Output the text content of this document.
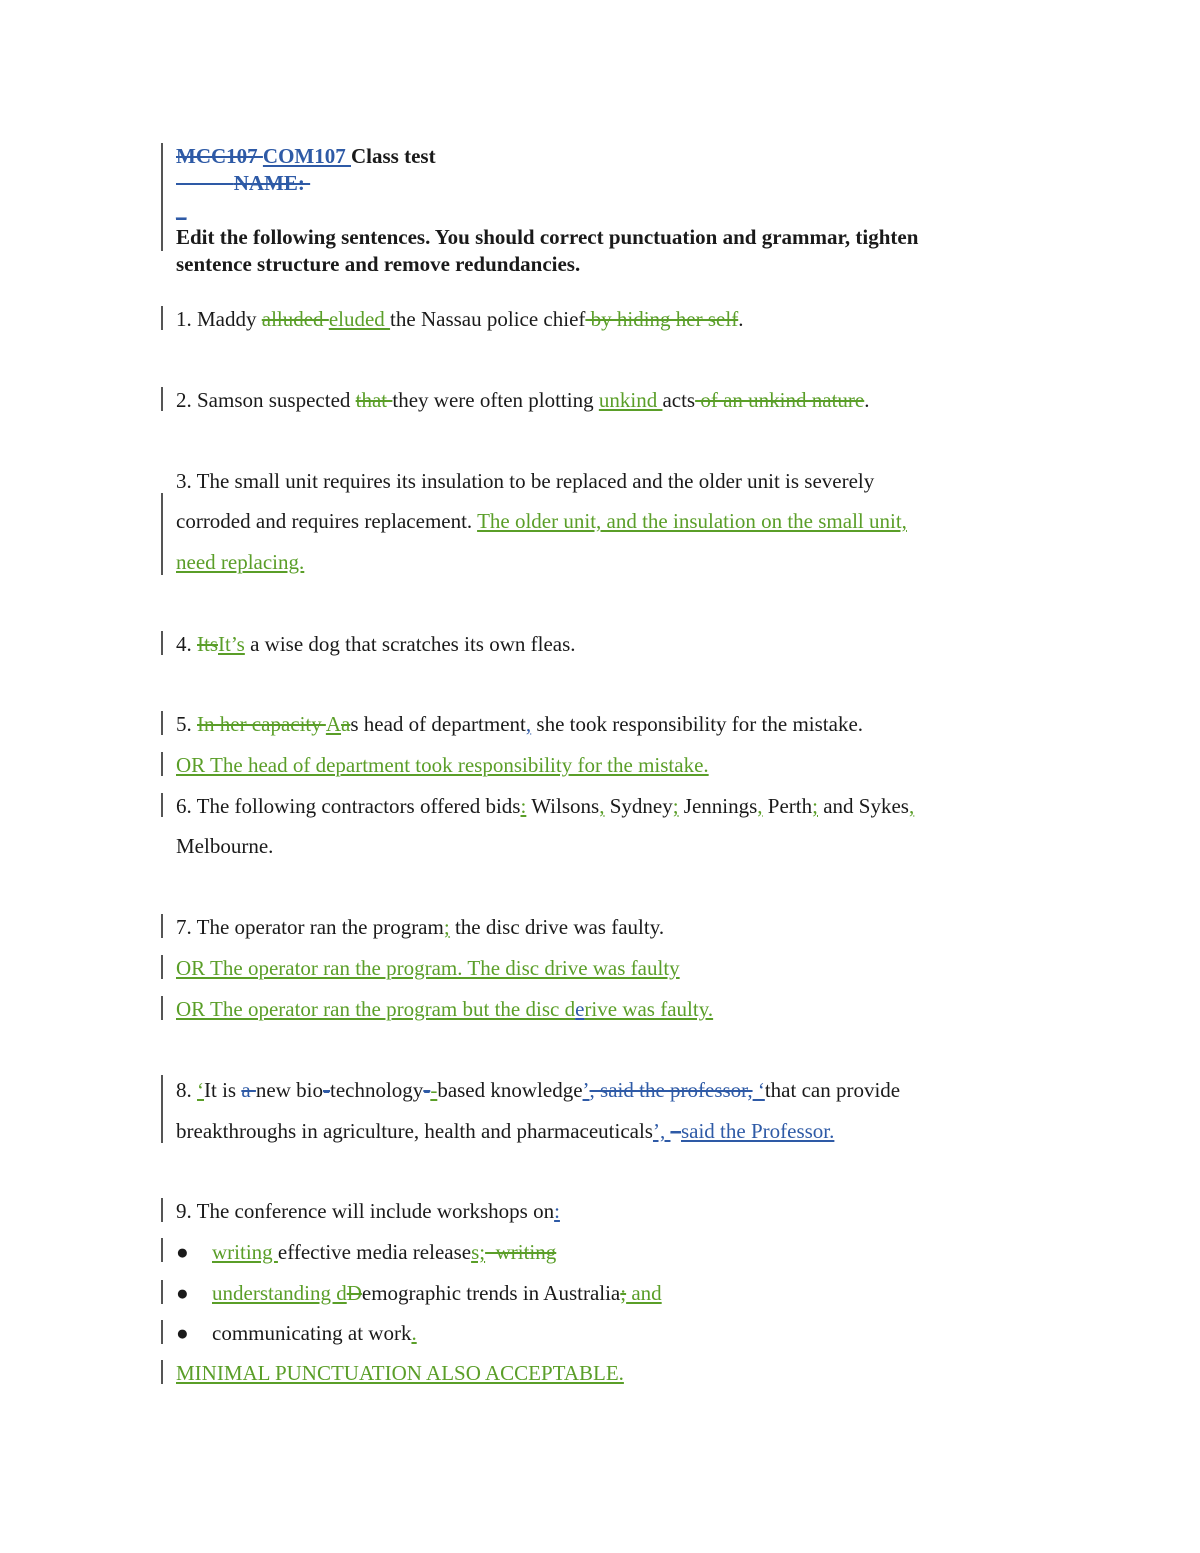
MCC107 COM107 Class test
NAME:
_
Edit the following sentences. You should correct punctuation and grammar, tighten
sentence structure and remove redundancies.
1. Maddy alluded eluded the Nassau police chief by hiding her self.
2. Samson suspected that they were often plotting unkind acts of an unkind nature.
3. The small unit requires its insulation to be replaced and the older unit is severely
corroded and requires replacement. The older unit, and the insulation on the small unit,
need replacing.
4. ItsIt’s a wise dog that scratches its own fleas.
5. In her capacity Aas head of department, she took responsibility for the mistake.
OR The head of department took responsibility for the mistake.
6. The following contractors offered bids: Wilsons, Sydney; Jennings, Perth; and Sykes,
Melbourne.
7. The operator ran the program; the disc drive was faulty.
OR The operator ran the program. The disc drive was faulty
OR The operator ran the program but the disc derive was faulty.
8. ‘It is a new bio-technology--based knowledge’, said the professor, ‘that can provide
breakthroughs in agriculture, health and pharmaceuticals’, –said the Professor.
9. The conference will include workshops on:
● writing effective media releases;  writing
● understanding dDemographic trends in Australia; and
● communicating at work.
MINIMAL PUNCTUATION ALSO ACCEPTABLE.
